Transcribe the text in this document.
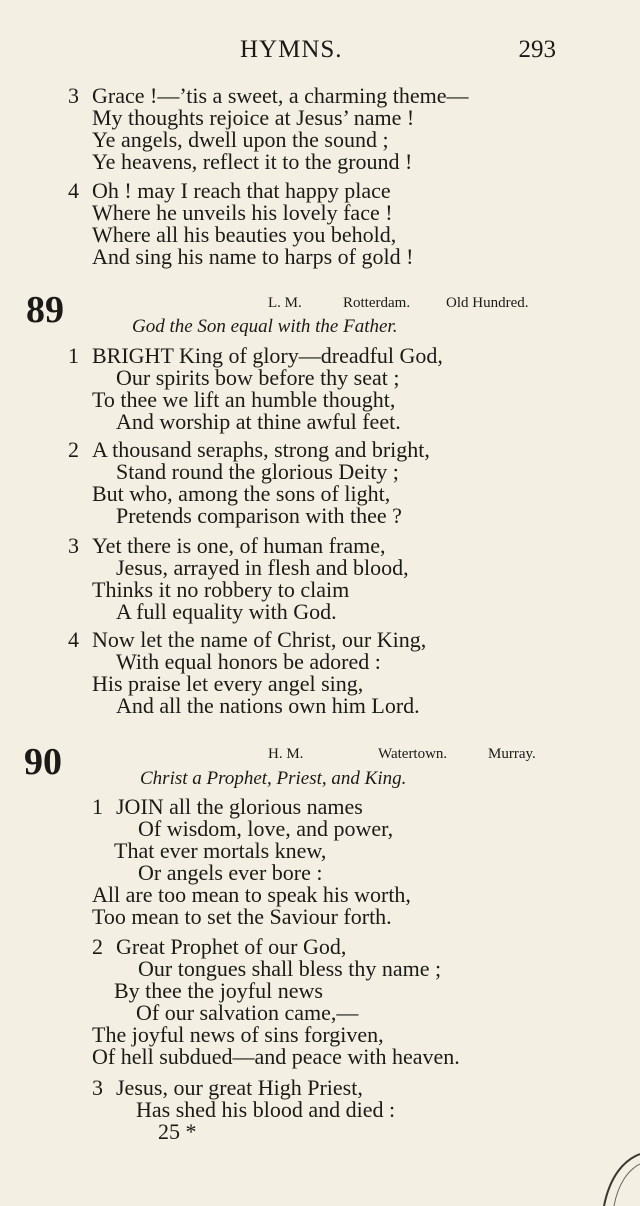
HYMNS.	293
3 Grace !—’tis a sweet, a charming theme—
My thoughts rejoice at Jesus’ name !
Ye angels, dwell upon the sound ;
Ye heavens, reflect it to the ground !
4 Oh ! may I reach that happy place
Where he unveils his lovely face !
Where all his beauties you behold,
And sing his name to harps of gold !
89	L. M.	Rotterdam. Old Hundred.
God the Son equal with the Father.
1 BRIGHT King of glory—dreadful God,
Our spirits bow before thy seat ;
To thee we lift an humble thought,
And worship at thine awful feet.
2 A thousand seraphs, strong and bright,
Stand round the glorious Deity ;
But who, among the sons of light,
Pretends comparison with thee ?
3 Yet there is one, of human frame,
Jesus, arrayed in flesh and blood,
Thinks it no robbery to claim
A full equality with God.
4 Now let the name of Christ, our King,
With equal honors be adored :
His praise let every angel sing,
And all the nations own him Lord.
90	H. M.	Watertown.	Murray.
Christ a Prophet, Priest, and King.
1 JOIN all the glorious names
Of wisdom, love, and power,
That ever mortals knew,
Or angels ever bore :
All are too mean to speak his worth,
Too mean to set the Saviour forth.
2 Great Prophet of our God,
Our tongues shall bless thy name ;
By thee the joyful news
Of our salvation came,—
The joyful news of sins forgiven,
Of hell subdued—and peace with heaven.
3 Jesus, our great High Priest,
Has shed his blood and died :
25 *
